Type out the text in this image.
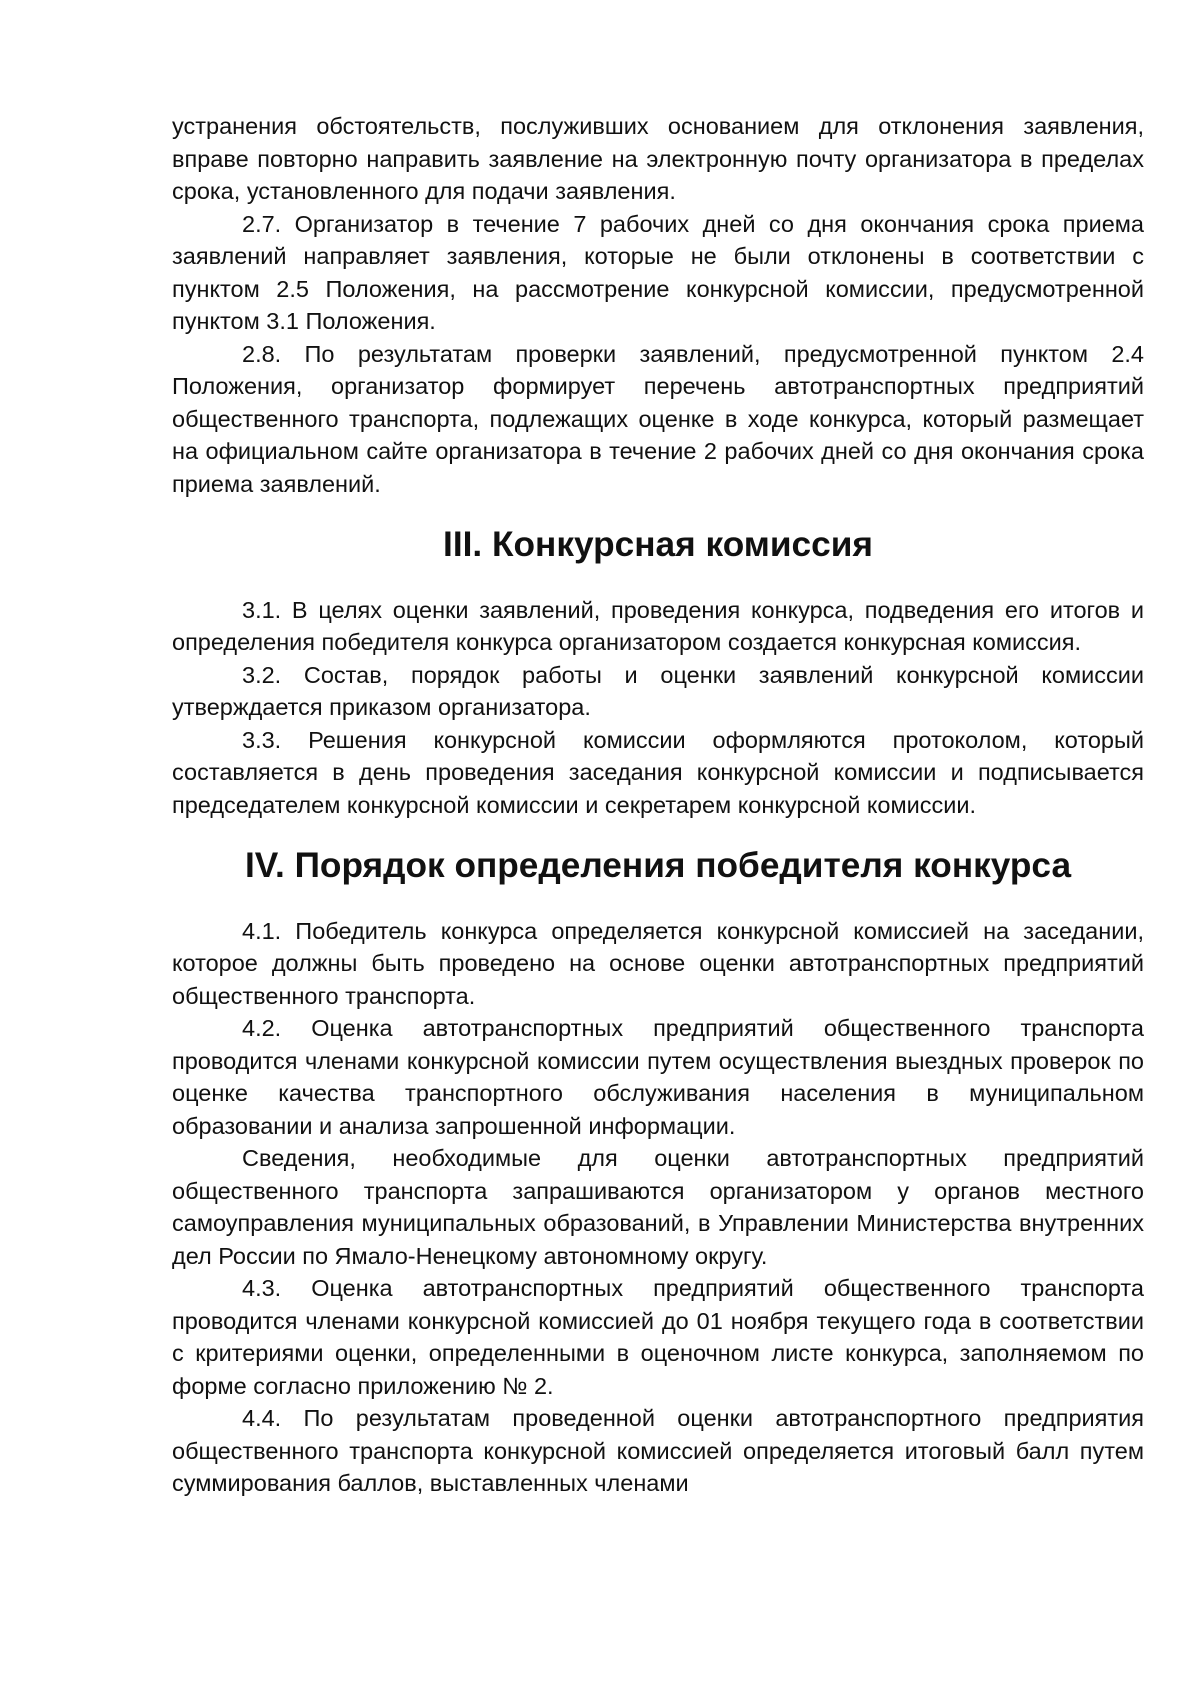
устранения обстоятельств, послуживших основанием для отклонения заявления, вправе повторно направить заявление на электронную почту организатора в пределах срока, установленного для подачи заявления.

2.7. Организатор в течение 7 рабочих дней со дня окончания срока приема заявлений направляет заявления, которые не были отклонены в соответствии с пунктом 2.5 Положения, на рассмотрение конкурсной комиссии, предусмотренной пунктом 3.1 Положения.

2.8. По результатам проверки заявлений, предусмотренной пунктом 2.4 Положения, организатор формирует перечень автотранспортных предприятий общественного транспорта, подлежащих оценке в ходе конкурса, который размещает на официальном сайте организатора в течение 2 рабочих дней со дня окончания срока приема заявлений.

III. Конкурсная комиссия

3.1. В целях оценки заявлений, проведения конкурса, подведения его итогов и определения победителя конкурса организатором создается конкурсная комиссия.

3.2. Состав, порядок работы и оценки заявлений конкурсной комиссии утверждается приказом организатора.

3.3. Решения конкурсной комиссии оформляются протоколом, который составляется в день проведения заседания конкурсной комиссии и подписывается председателем конкурсной комиссии и секретарем конкурсной комиссии.

IV. Порядок определения победителя конкурса

4.1. Победитель конкурса определяется конкурсной комиссией на заседании, которое должны быть проведено на основе оценки автотранспортных предприятий общественного транспорта.

4.2. Оценка автотранспортных предприятий общественного транспорта проводится членами конкурсной комиссии путем осуществления выездных проверок по оценке качества транспортного обслуживания населения в муниципальном образовании и анализа запрошенной информации.

Сведения, необходимые для оценки автотранспортных предприятий общественного транспорта запрашиваются организатором у органов местного самоуправления муниципальных образований, в Управлении Министерства внутренних дел России по Ямало-Ненецкому автономному округу.

4.3. Оценка автотранспортных предприятий общественного транспорта проводится членами конкурсной комиссией до 01 ноября текущего года в соответствии с критериями оценки, определенными в оценочном листе конкурса, заполняемом по форме согласно приложению № 2.

4.4. По результатам проведенной оценки автотранспортного предприятия общественного транспорта конкурсной комиссией определяется итоговый балл путем суммирования баллов, выставленных членами
